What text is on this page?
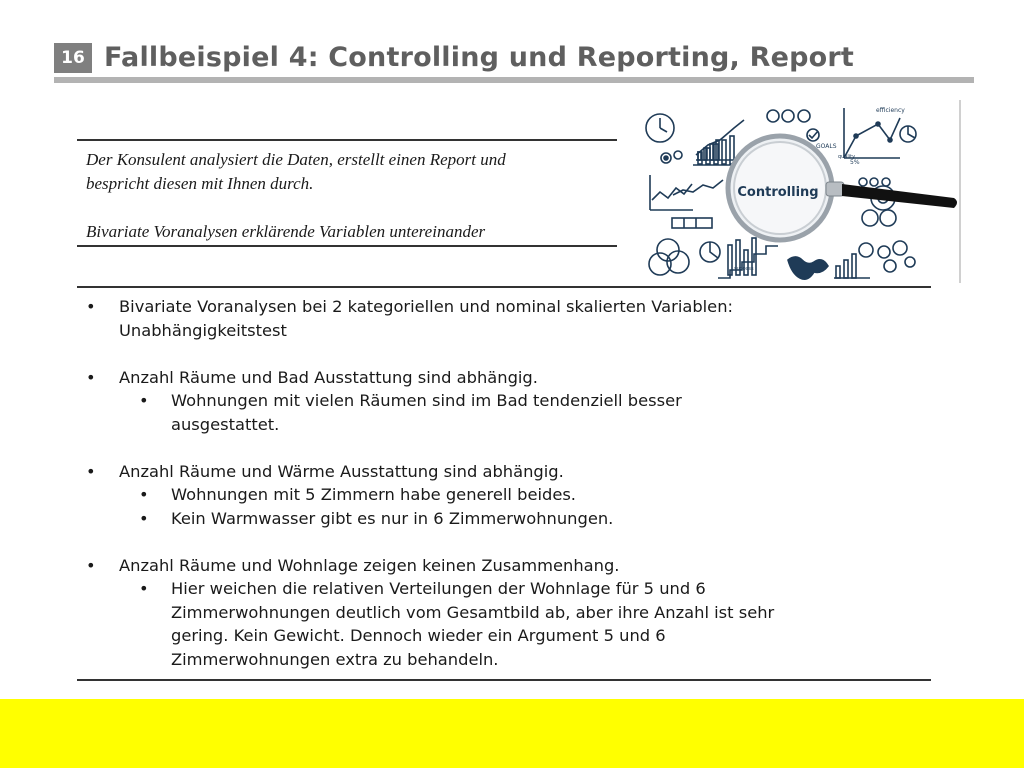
16 Fallbeispiel 4: Controlling und Reporting, Report

Der Konsulent analysiert die Daten, erstellt einen Report und

bespricht diesen mit Ihnen durch.

Bivariate Voranalysen erklärende Variablen untereinander

efficiency
GOALS
quality
5%
success
Controlling

• Bivariate Voranalysen bei 2 kategoriellen und nominal skalierten Variablen:
Unabhängigkeitstest

• Anzahl Räume und Bad Ausstattung sind abhängig.

• Wohnungen mit vielen Räumen sind im Bad tendenziell besser
ausgestattet.

• Anzahl Räume und Wärme Ausstattung sind abhängig.

• Wohnungen mit 5 Zimmern habe generell beides.

• Kein Warmwasser gibt es nur in 6 Zimmerwohnungen.

• Anzahl Räume und Wohnlage zeigen keinen Zusammenhang.

• Hier weichen die relativen Verteilungen der Wohnlage für 5 und 6
Zimmerwohnungen deutlich vom Gesamtbild ab, aber ihre Anzahl ist sehr
gering. Kein Gewicht. Dennoch wieder ein Argument 5 und 6
Zimmerwohnungen extra zu behandeln.
